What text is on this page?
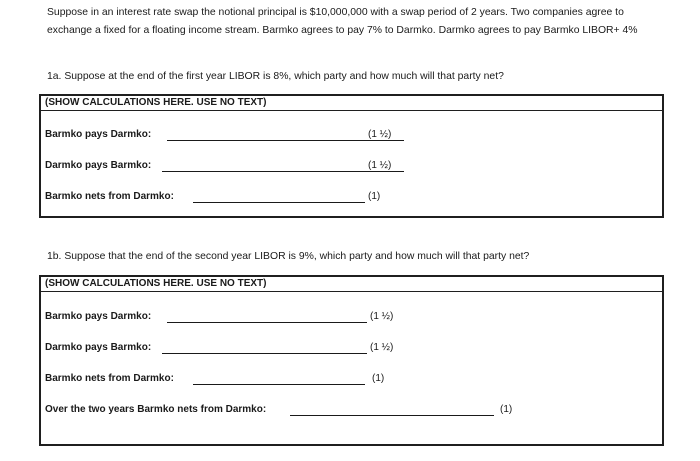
Suppose in an interest rate swap the notional principal is $10,000,000 with a swap period of 2 years. Two companies agree to exchange a fixed for a floating income stream. Barmko agrees to pay 7% to Darmko. Darmko agrees to pay Barmko LIBOR+ 4%

1a. Suppose at the end of the first year LIBOR is 8%, which party and how much will that party net?

(SHOW CALCULATIONS HERE. USE NO TEXT)
Barmko pays Darmko:	(1 ½)
Darmko pays Barmko:	(1 ½)
Barmko nets from Darmko:	(1)

1b. Suppose that the end of the second year LIBOR is 9%, which party and how much will that party net?

(SHOW CALCULATIONS HERE. USE NO TEXT)
Barmko pays Darmko:	(1 ½)
Darmko pays Barmko:	(1 ½)
Barmko nets from Darmko:	(1)
Over the two years Barmko nets from Darmko:	(1)
